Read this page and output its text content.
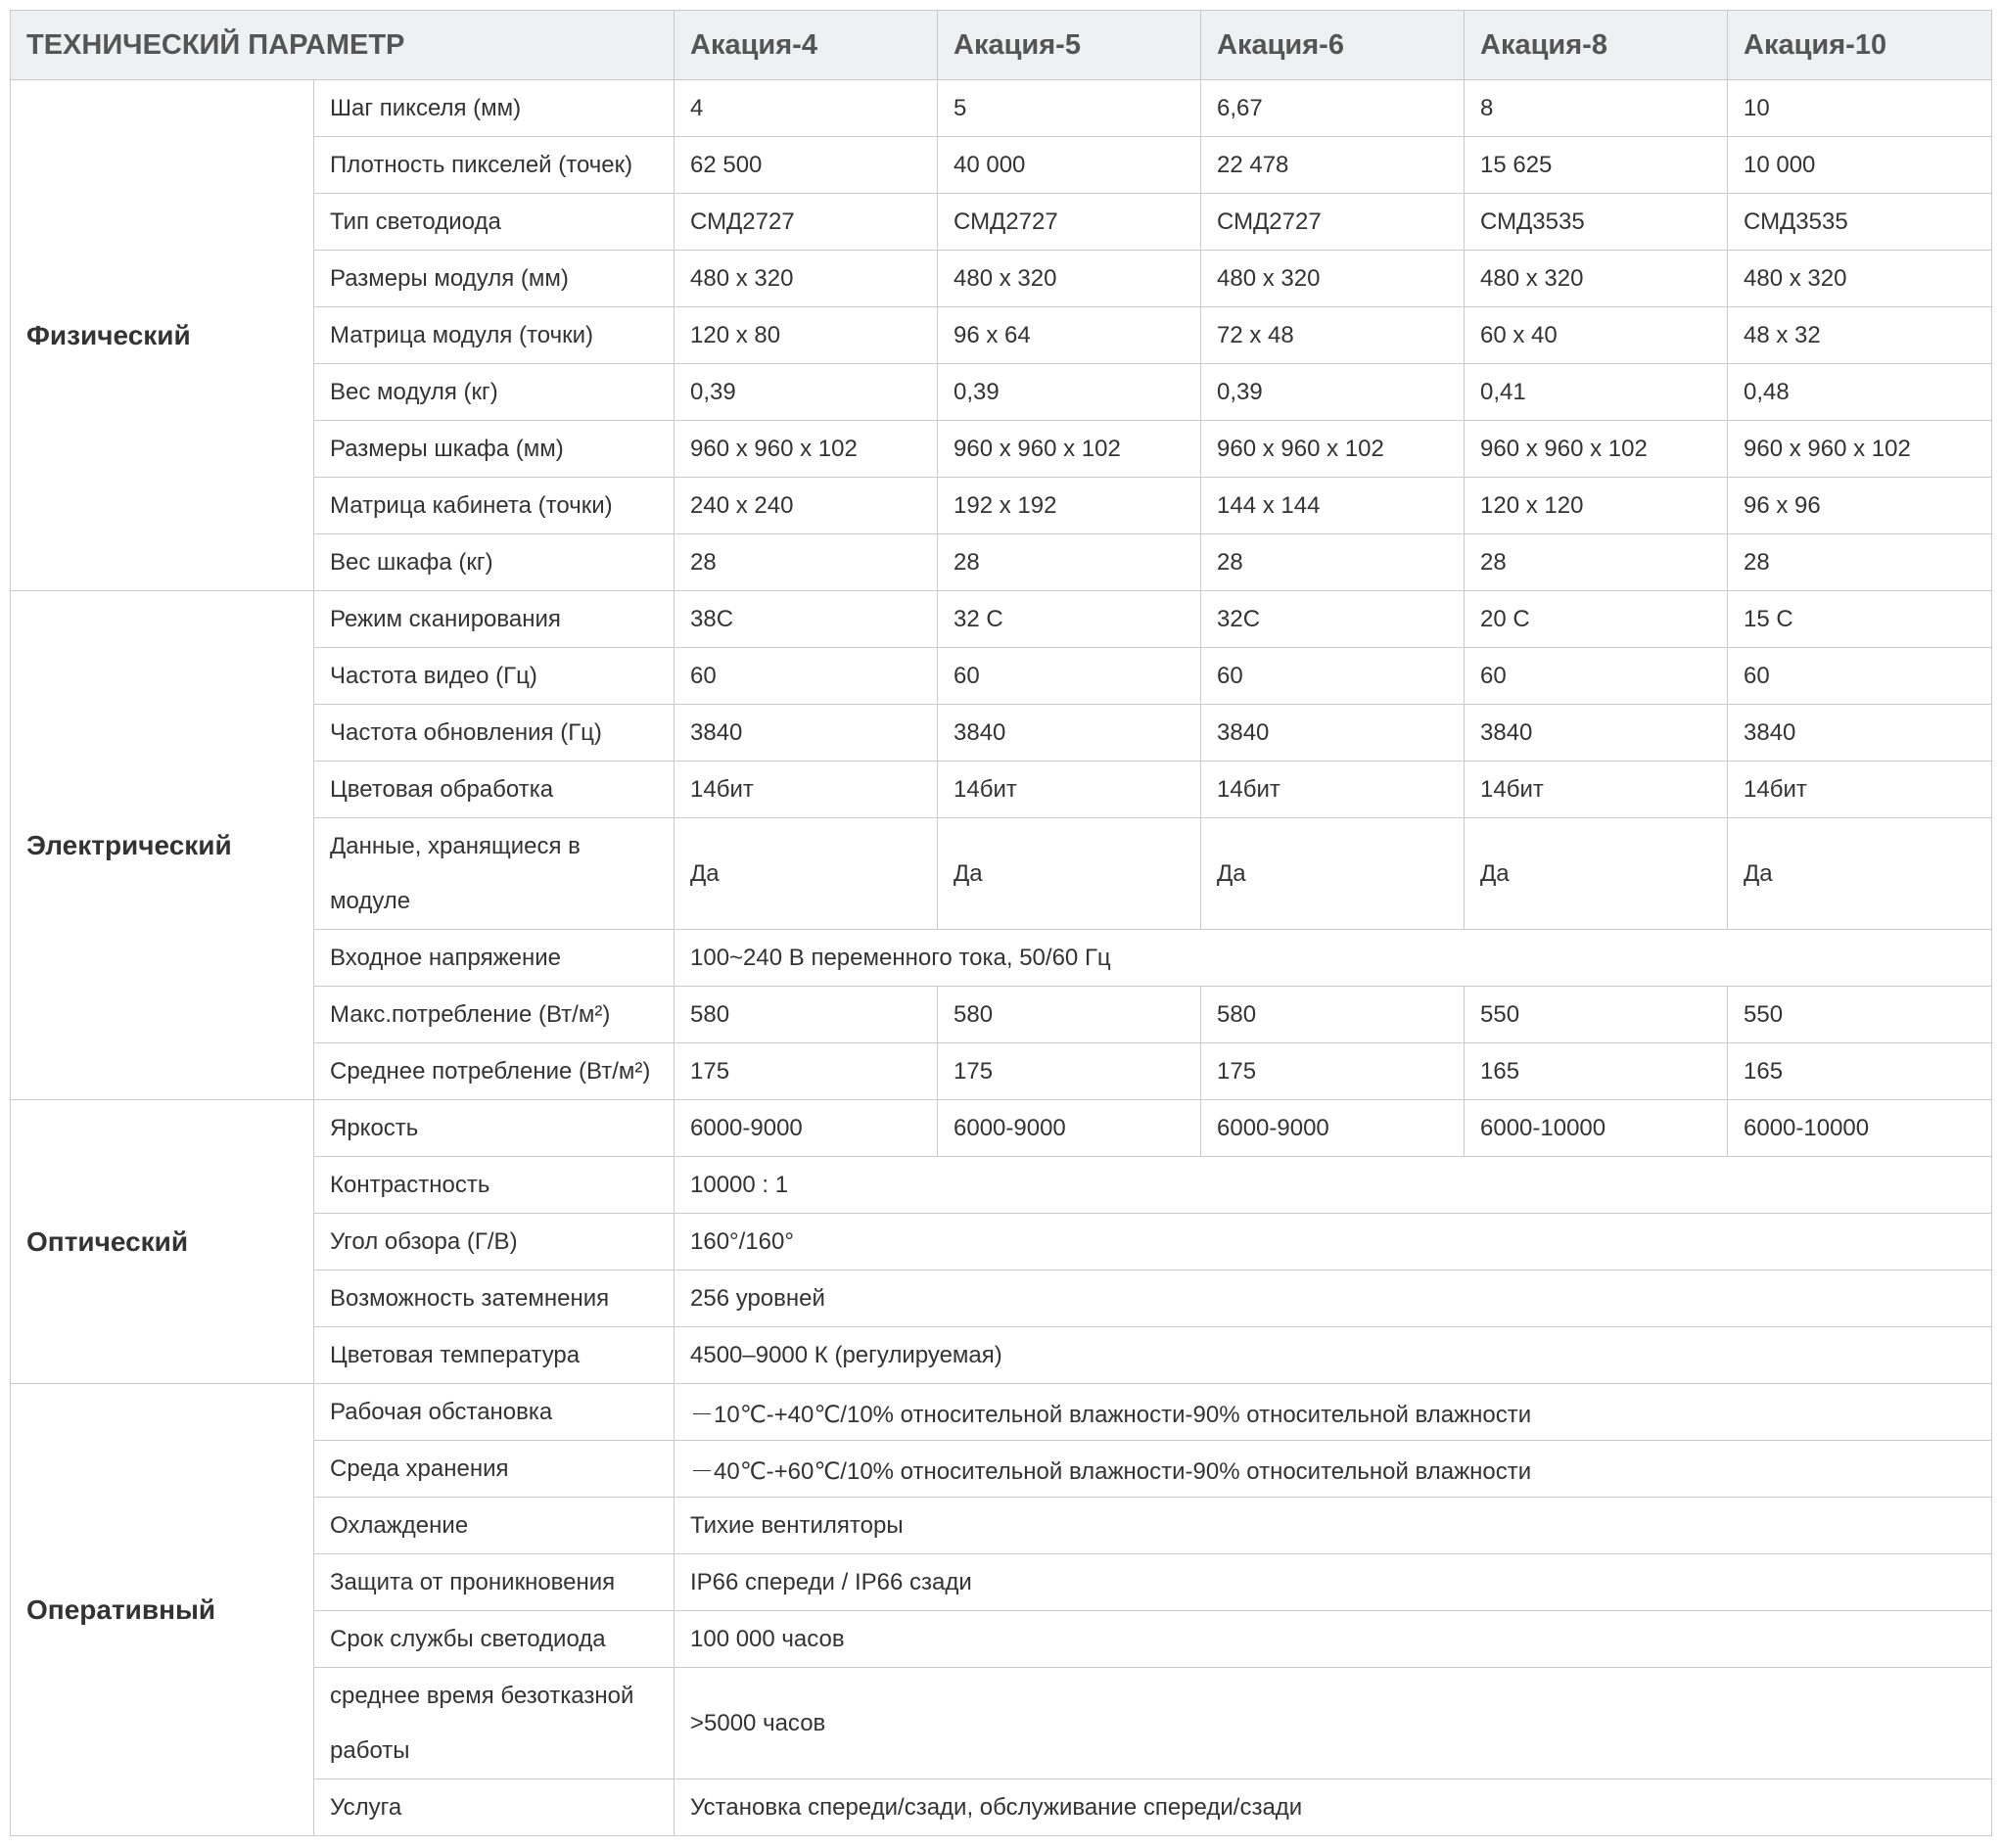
ТЕХНИЧЕСКИЙ ПАРАМЕТР		Акация-4	Акация-5	Акация-6	Акация-8	Акация-10
Физический	Шаг пикселя (мм)	4	5	6,67	8	10
	Плотность пикселей (точек)	62 500	40 000	22 478	15 625	10 000
	Тип светодиода	СМД2727	СМД2727	СМД2727	СМД3535	СМД3535
	Размеры модуля (мм)	480 x 320	480 x 320	480 x 320	480 x 320	480 x 320
	Матрица модуля (точки)	120 x 80	96 x 64	72 x 48	60 x 40	48 x 32
	Вес модуля (кг)	0,39	0,39	0,39	0,41	0,48
	Размеры шкафа (мм)	960 x 960 x 102	960 x 960 x 102	960 x 960 x 102	960 x 960 x 102	960 x 960 x 102
	Матрица кабинета (точки)	240 x 240	192 x 192	144 x 144	120 x 120	96 x 96
	Вес шкафа (кг)	28	28	28	28	28
Электрический	Режим сканирования	38С	32 С	32С	20 С	15 С
	Частота видео (Гц)	60	60	60	60	60
	Частота обновления (Гц)	3840	3840	3840	3840	3840
	Цветовая обработка	14бит	14бит	14бит	14бит	14бит
	Данные, хранящиеся в модуле	Да	Да	Да	Да	Да
	Входное напряжение	100~240 В переменного тока, 50/60 Гц				
	Макс.потребление (Вт/м²)	580	580	580	550	550
	Среднее потребление (Вт/м²)	175	175	175	165	165
Оптический	Яркость	6000-9000	6000-9000	6000-9000	6000-10000	6000-10000
	Контрастность	10000 : 1				
	Угол обзора (Г/В)	160°/160°				
	Возможность затемнения	256 уровней				
	Цветовая температура	4500–9000 К (регулируемая)				
Оперативный	Рабочая обстановка	－10℃-+40℃/10% относительной влажности-90% относительной влажности				
	Среда хранения	－40℃-+60℃/10% относительной влажности-90% относительной влажности				
	Охлаждение	Тихие вентиляторы				
	Защита от проникновения	IP66 спереди / IP66 сзади				
	Срок службы светодиода	100 000 часов				
	среднее время безотказной работы	>5000 часов				
	Услуга	Установка спереди/сзади, обслуживание спереди/сзади				
